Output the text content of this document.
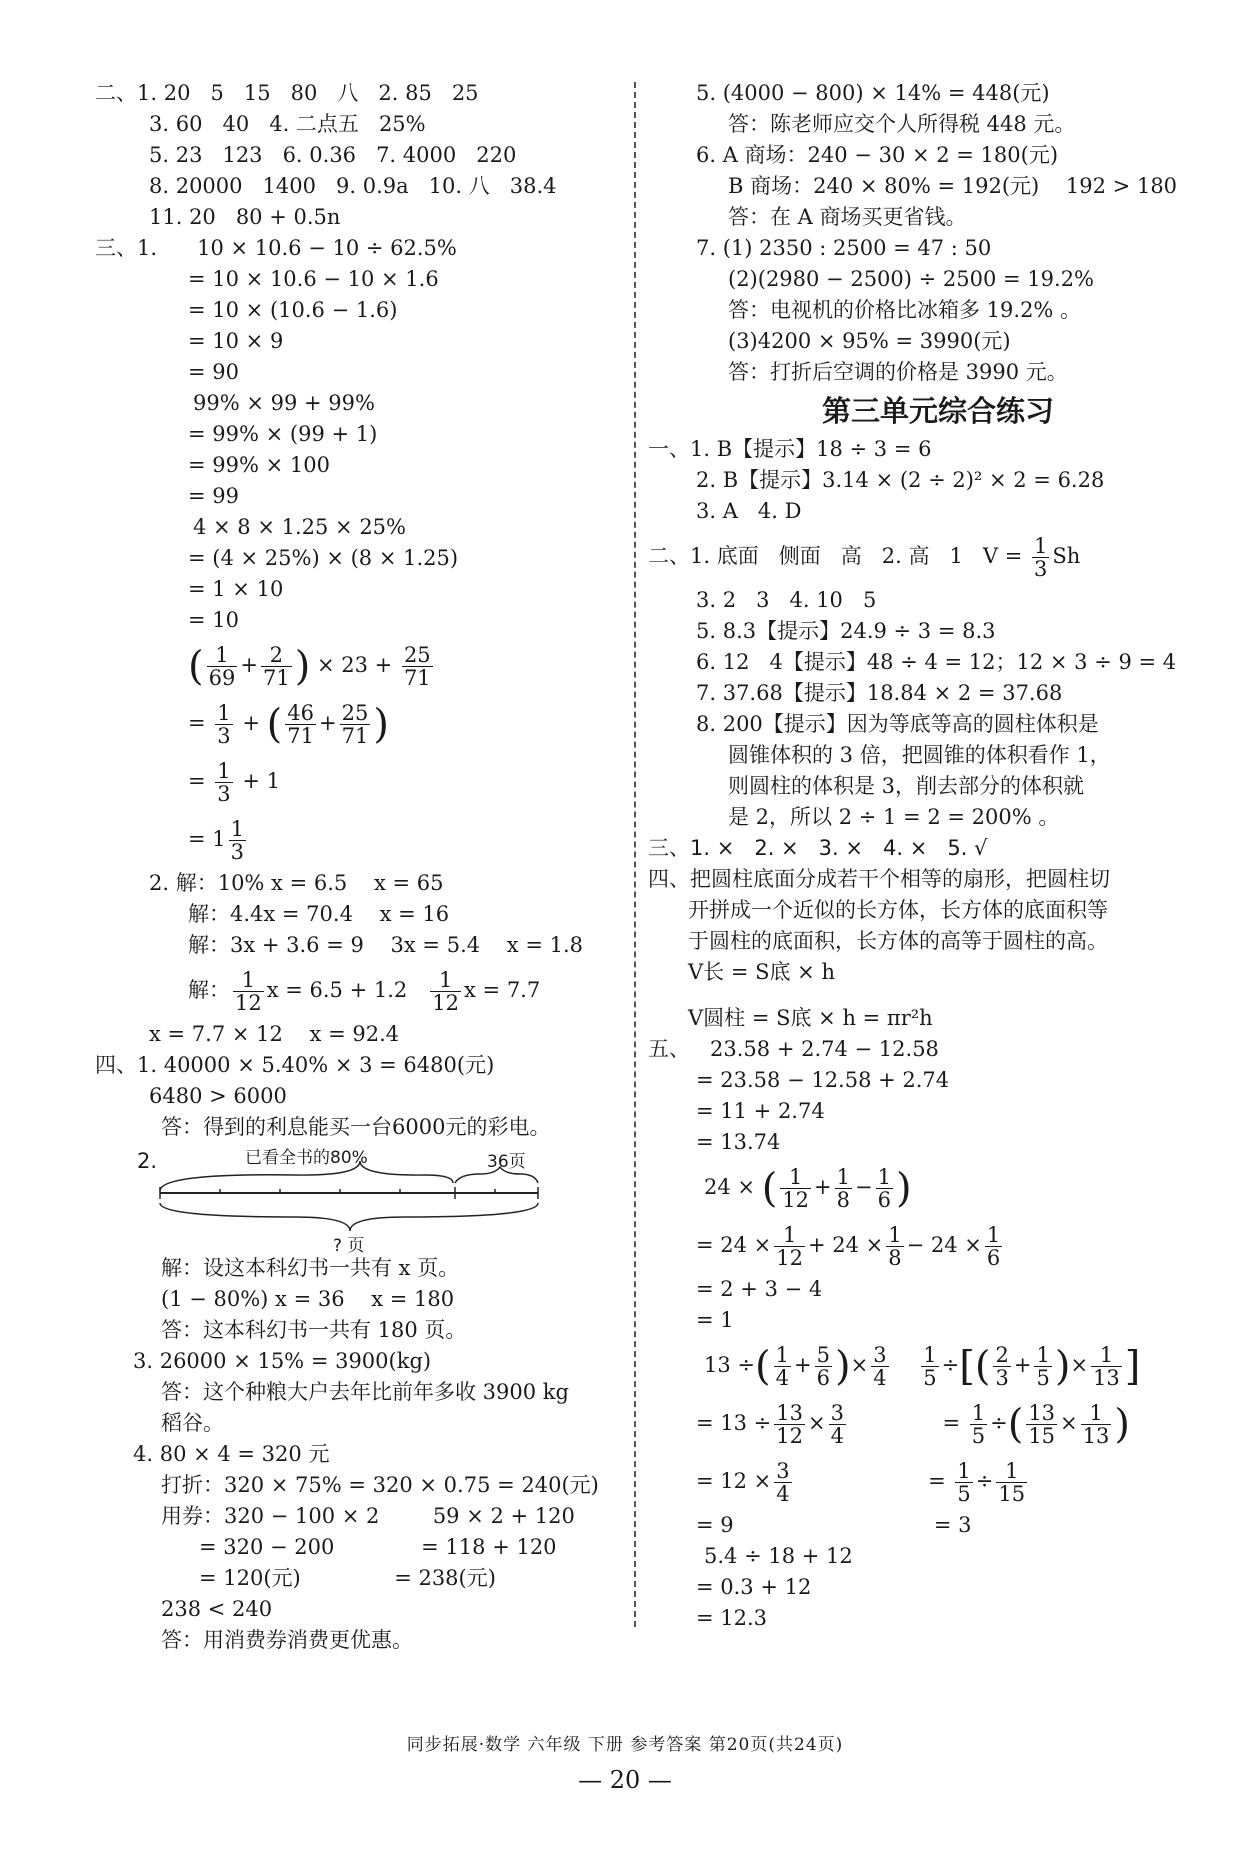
二、1. 20   5   15   80   八   2. 85   25
3. 60   40   4. 二点五   25%
5. 23   123   6. 0.36   7. 4000   220
8. 20000   1400   9. 0.9a   10. 八   38.4
11. 20   80 + 0.5n
三、1. 10 × 10.6 − 10 ÷ 62.5%
= 10 × 10.6 − 10 × 1.6
= 10 × (10.6 − 1.6)
= 10 × 9
= 90
99% × 99 + 99%
= 99% × (99 + 1)
= 99% × 100
= 99
4 × 8 × 1.25 × 25%
= (4 × 25%) × (8 × 1.25)
= 1 × 10
= 10
( $\frac{1}{69} + \frac{2}{71}$ ) × $23 + \frac{25}{71}$
= $\frac{1}{3}$ + ( $\frac{46}{71} + \frac{25}{71}$ )
= $\frac{1}{3} + 1$
= $1 \frac{1}{3}$
2. 解：10% x = 6.5    x = 65
解：4.4x = 70.4    x = 16
解：3x + 3.6 = 9    3x = 5.4    x = 1.8
解： $\frac{1}{12}$ $x = 6.5 + 1.2 \frac{1}{12}$ x = 7.7
x = 7.7 × 12    x = 92.4
四、1. 40000 × 5.40% × 3 = 6480(元)
6480 > 6000
答：得到的利息能买一台6000元的彩电。
2.	已看全书的80%	36页
? 页
解：设这本科幻书一共有 x 页。
(1 − 80%) x = 36    x = 180
答：这本科幻书一共有 180 页。
3. 26000 × 15% = 3900(kg)
答：这个种粮大户去年比前年多收 3900 kg
稻谷。
4. 80 × 4 = 320 元
打折：320 × 75% = 320 × 0.75 = 240(元)
用券：320 − 100 × 2        59 × 2 + 120
= 320 − 200             = 118 + 120
= 120(元)              = 238(元)
238 < 240
答：用消费券消费更优惠。
5. (4000 − 800) × 14% = 448(元)
答：陈老师应交个人所得税 448 元。
6. A 商场：240 − 30 × 2 = 180(元)
B 商场：240 × 80% = 192(元)    192 > 180
答：在 A 商场买更省钱。
7. (1) 2350 : 2500 = 47 : 50
(2)(2980 − 2500) ÷ 2500 = 19.2%
答：电视机的价格比冰箱多 19.2% 。
(3)4200 × 95% = 3990(元)
答：打折后空调的价格是 3990 元。
第三单元综合练习
一、1. B【提示】18 ÷ 3 = 6
2. B【提示】3.14 × (2 ÷ 2)² × 2 = 6.28
3. A   4. D
二、1. 底面   侧面   高   2. 高   1   $V = \frac{1}{3}$ Sh
3. 2   3   4. 10   5
5. 8.3【提示】24.9 ÷ 3 = 8.3
6. 12   4【提示】48 ÷ 4 = 12；12 × 3 ÷ 9 = 4
7. 37.68【提示】18.84 × 2 = 37.68
8. 200【提示】因为等底等高的圆柱体积是
圆锥体积的 3 倍，把圆锥的体积看作 1，
则圆柱的体积是 3，削去部分的体积就
是 2，所以 2 ÷ 1 = 2 = 200% 。
三、1. ×   2. ×   3. ×   4. ×   5. √
四、把圆柱底面分成若干个相等的扇形，把圆柱切
开拼成一个近似的长方体，长方体的底面积等
于圆柱的底面积，长方体的高等于圆柱的高。
V长 = S底 × h
V圆柱 = S底 × h = πr²h
五、 23.58 + 2.74 − 12.58
= 23.58 − 12.58 + 2.74
= 11 + 2.74
= 13.74
24 × ( $\frac{1}{12} + \frac{1}{8} - \frac{1}{6}$ )
= $24 \times \frac{1}{12} + 24 \times \frac{1}{8} - 24 \times \frac{1}{6}$
= 2 + 3 − 4
= 1
13 ÷( $\frac{1}{4} + \frac{5}{6}$ )× $\frac{3}{4}$
$\frac{1}{5}$ ÷[( $\frac{2}{3} + \frac{1}{5}$ )× $\frac{1}{13}$ ]
= $13 \div \frac{13}{12} \times \frac{3}{4} = \frac{1}{5}$ ÷( $\frac{13}{15} \times \frac{1}{13}$ )
= $12 \times \frac{3}{4} = \frac{1}{5} \div \frac{1}{15}$
= 9	= 3
5.4 ÷ 18 + 12
= 0.3 + 12
= 12.3
同步拓展·数学 六年级 下册 参考答案 第20页(共24页)
— 20 —
